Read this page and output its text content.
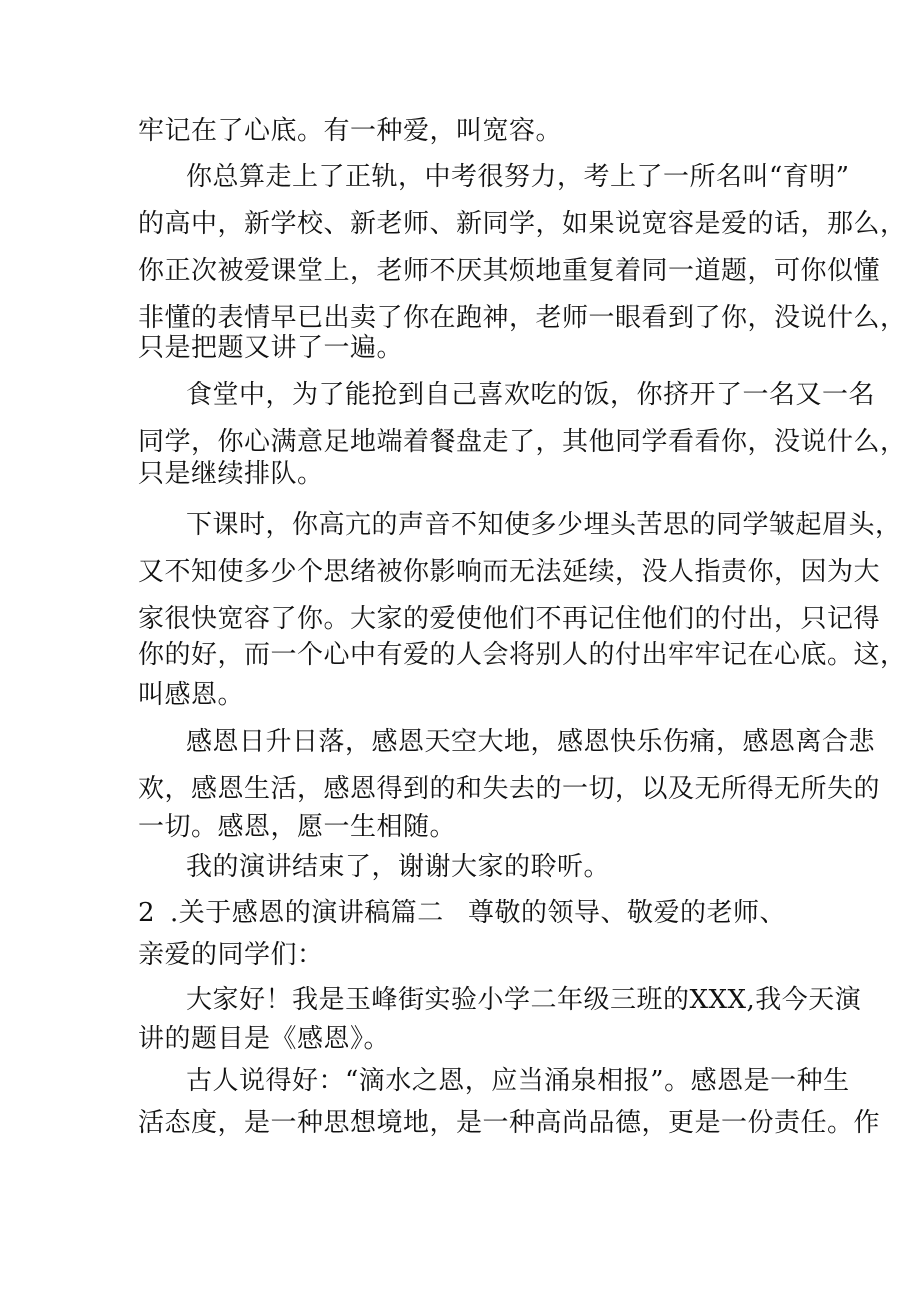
牢记在了心底。有一种爱，叫宽容。
你总算走上了正轨，中考很努力，考上了一所名叫“育明”
的高中，新学校、新老师、新同学，如果说宽容是爱的话，那么，
你正次被爱课堂上，老师不厌其烦地重复着同一道题，可你似懂
非懂的表情早已出卖了你在跑神，老师一眼看到了你，没说什么，
只是把题又讲了一遍。
食堂中，为了能抢到自己喜欢吃的饭，你挤开了一名又一名
同学，你心满意足地端着餐盘走了，其他同学看看你，没说什么，
只是继续排队。
下课时，你高亢的声音不知使多少埋头苦思的同学皱起眉头，
又不知使多少个思绪被你影响而无法延续，没人指责你，因为大
家很快宽容了你。大家的爱使他们不再记住他们的付出，只记得
你的好，而一个心中有爱的人会将别人的付出牢牢记在心底。这，
叫感恩。
感恩日升日落，感恩天空大地，感恩快乐伤痛，感恩离合悲
欢，感恩生活，感恩得到的和失去的一切，以及无所得无所失的
一切。感恩，愿一生相随。
我的演讲结束了，谢谢大家的聆听。
2 .关于感恩的演讲稿篇二 尊敬的领导、敬爱的老师、
亲爱的同学们：
大家好！我是玉峰街实验小学二年级三班的XXX,我今天演
讲的题目是《感恩》。
古人说得好：“滴水之恩，应当涌泉相报”。感恩是一种生
活态度，是一种思想境地，是一种高尚品德，更是一份责任。作
